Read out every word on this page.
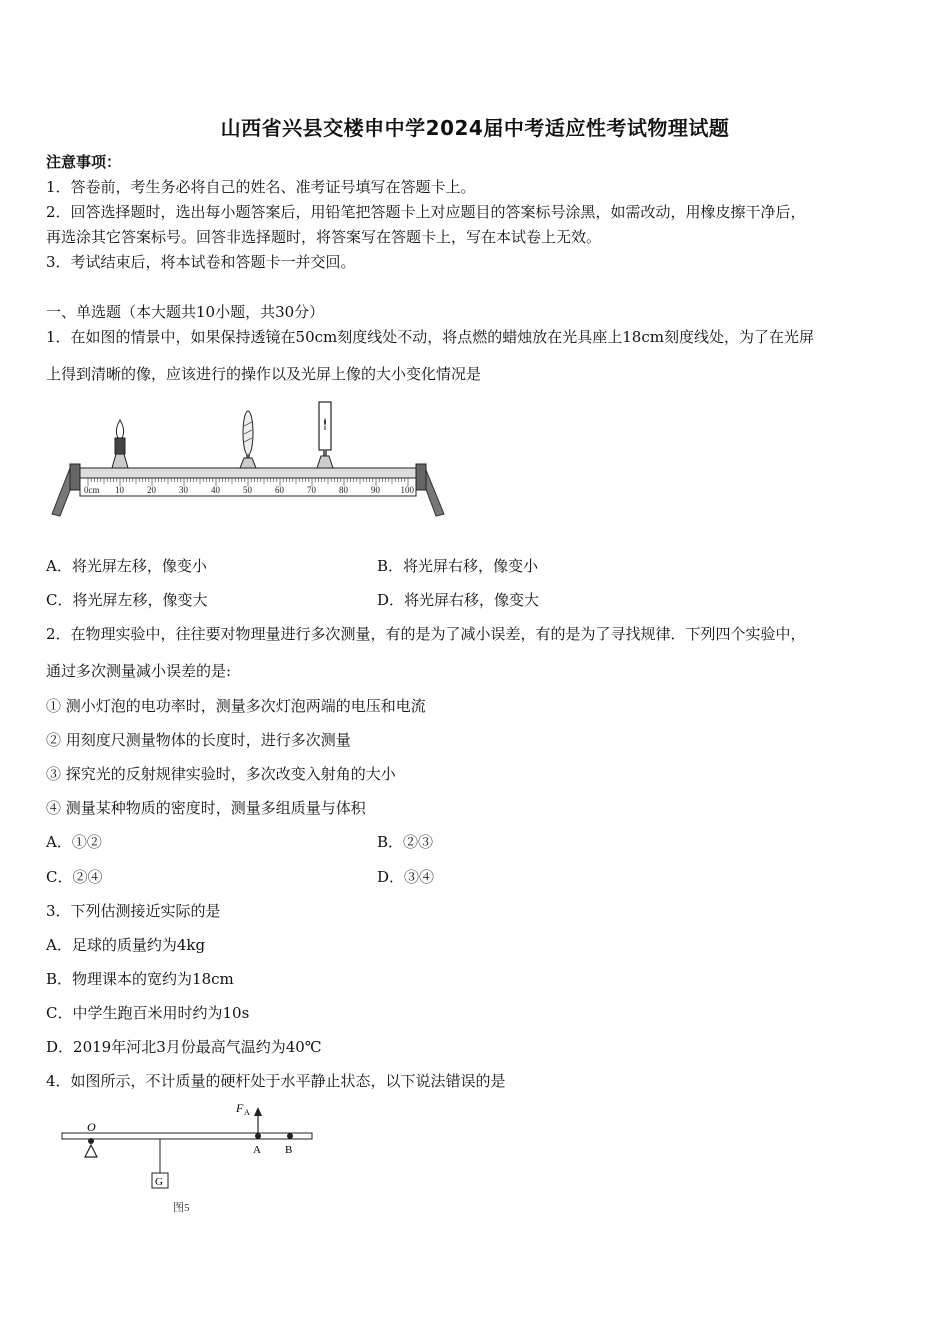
山西省兴县交楼申中学2024届中考适应性考试物理试题
注意事项：
1．答卷前，考生务必将自己的姓名、准考证号填写在答题卡上。
2．回答选择题时，选出每小题答案后，用铅笔把答题卡上对应题目的答案标号涂黑，如需改动，用橡皮擦干净后，
再选涂其它答案标号。回答非选择题时，将答案写在答题卡上，写在本试卷上无效。
3．考试结束后，将本试卷和答题卡一并交回。
一、单选题（本大题共10小题，共30分）
1．在如图的情景中，如果保持透镜在50cm刻度线处不动，将点燃的蜡烛放在光具座上18cm刻度线处，为了在光屏
上得到清晰的像，应该进行的操作以及光屏上像的大小变化情况是
0cm 10	20	30	40	50	60	70	80	90 100
A．将光屏左移，像变小	B．将光屏右移，像变小
C．将光屏左移，像变大	D．将光屏右移，像变大
2．在物理实验中，往往要对物理量进行多次测量，有的是为了减小误差，有的是为了寻找规律．下列四个实验中，
通过多次测量减小误差的是:
① 测小灯泡的电功率时，测量多次灯泡两端的电压和电流
② 用刻度尺测量物体的长度时，进行多次测量
③ 探究光的反射规律实验时，多次改变入射角的大小
④ 测量某种物质的密度时，测量多组质量与体积
A．①②	B．②③
C．②④	D．③④
3．下列估测接近实际的是
A．足球的质量约为4kg
B．物理课本的宽约为18cm
C．中学生跑百米用时约为10s
D．2019年河北3月份最高气温约为40℃
4．如图所示，不计质量的硬杆处于水平静止状态，以下说法错误的是
O
G
F A
A B
图5
